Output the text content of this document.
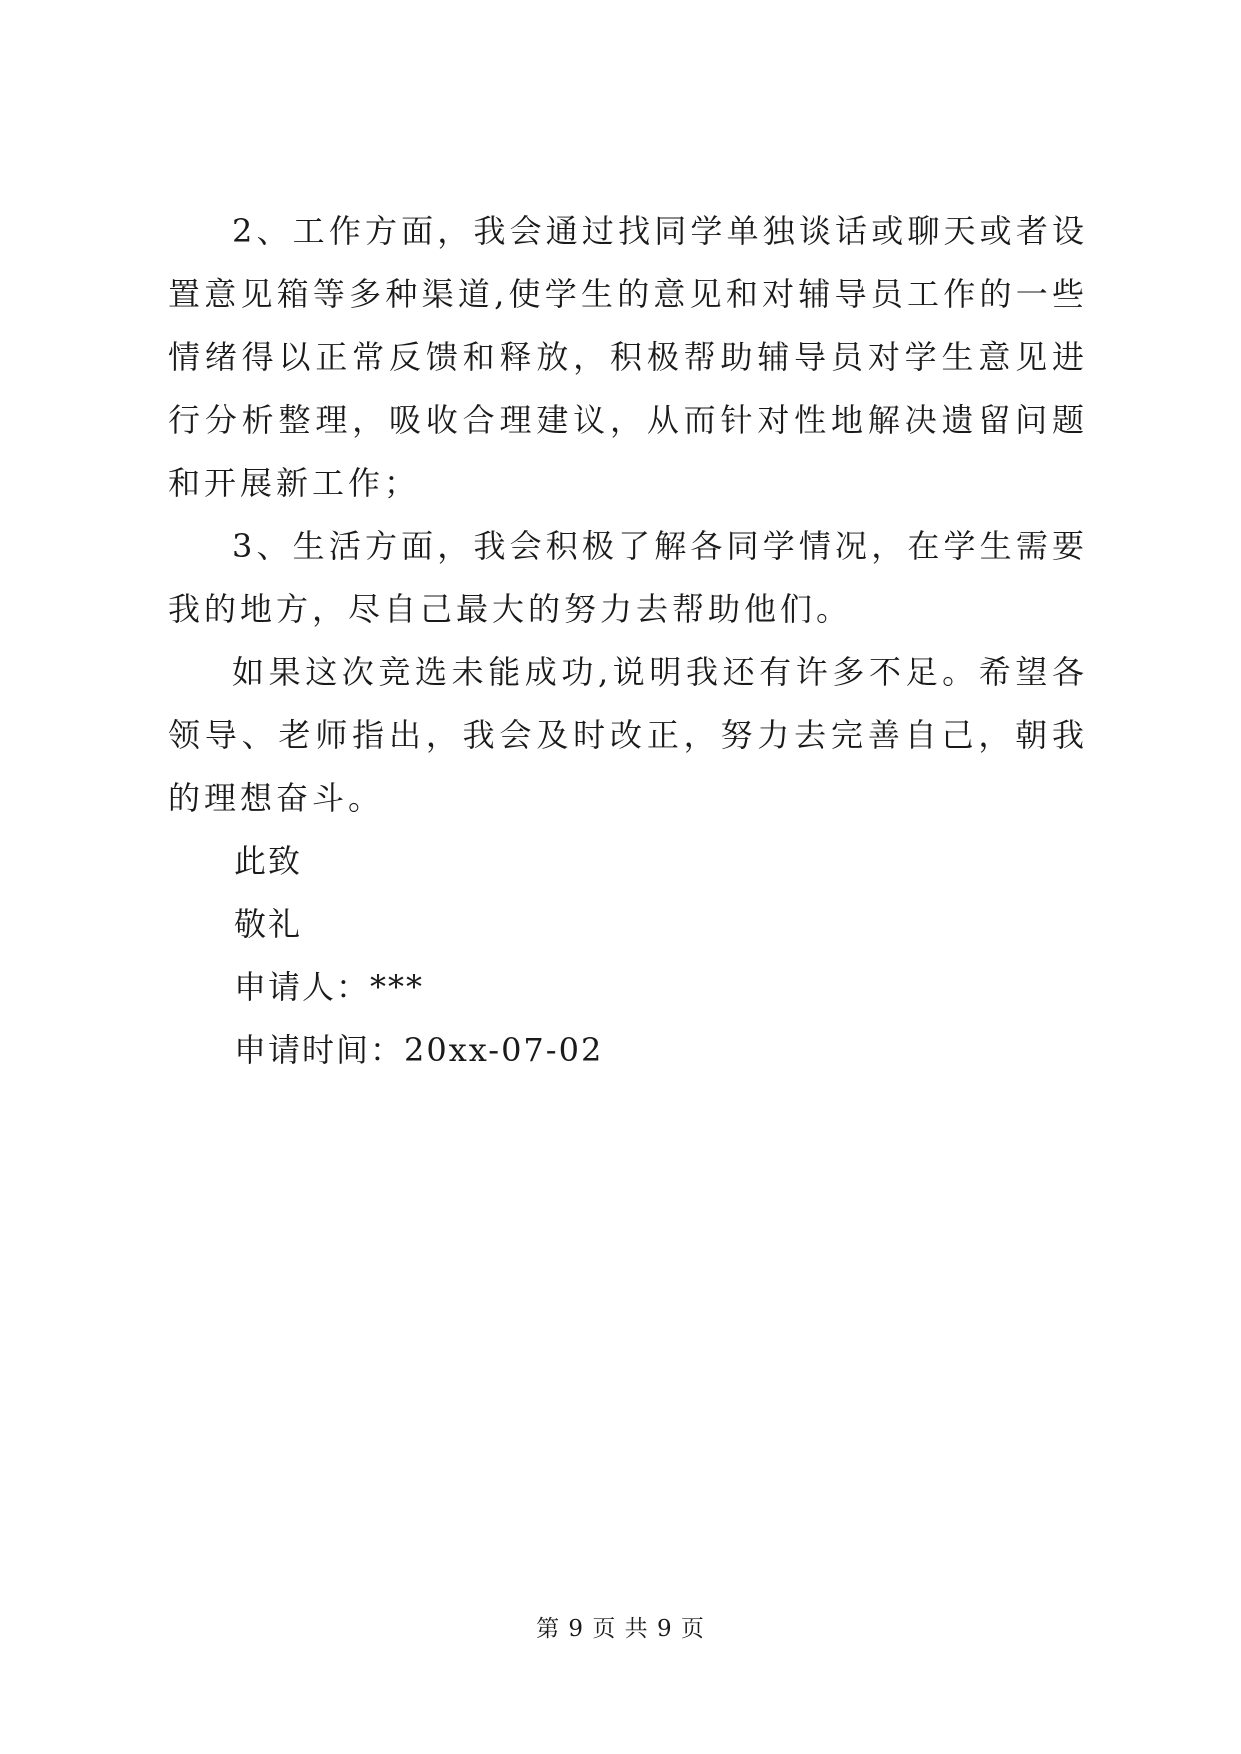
2、工作方面，我会通过找同学单独谈话或聊天或者设置意见箱等多种渠道,使学生的意见和对辅导员工作的一些情绪得以正常反馈和释放，积极帮助辅导员对学生意见进行分析整理，吸收合理建议，从而针对性地解决遗留问题和开展新工作；

3、生活方面，我会积极了解各同学情况，在学生需要我的地方，尽自己最大的努力去帮助他们。

如果这次竞选未能成功,说明我还有许多不足。希望各领导、老师指出，我会及时改正，努力去完善自己，朝我的理想奋斗。

此致

敬礼

申请人：***

申请时间：20xx-07-02

第 9 页 共 9 页
